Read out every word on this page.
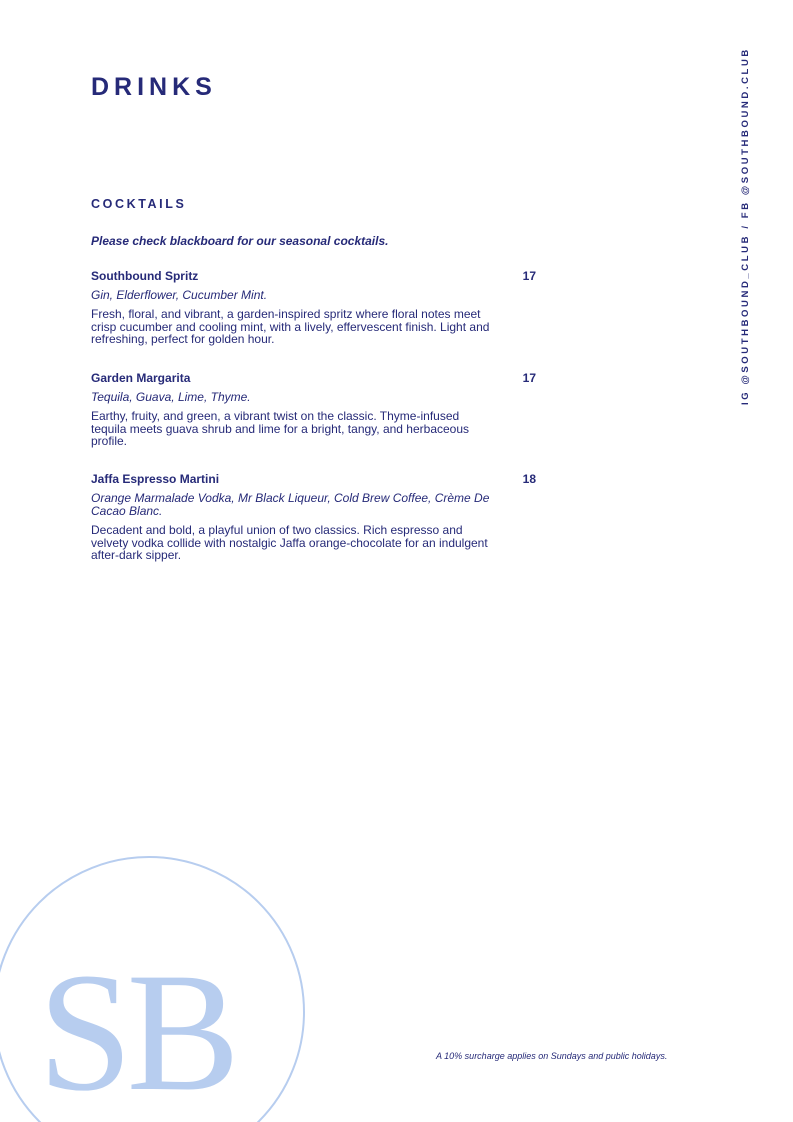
DRINKS	IG @SOUTHBOUND_CLUB / FB @SOUTHBOUND.CLUB
COCKTAILS
Please check blackboard for our seasonal cocktails.
Southbound Spritz	17
Gin, Elderflower, Cucumber Mint.
Fresh, floral, and vibrant, a garden-inspired spritz where floral notes meet crisp cucumber and cooling mint, with a lively, effervescent finish. Light and refreshing, perfect for golden hour.
Garden Margarita	17
Tequila, Guava, Lime, Thyme.
Earthy, fruity, and green, a vibrant twist on the classic. Thyme-infused tequila meets guava shrub and lime for a bright, tangy, and herbaceous profile.
Jaffa Espresso Martini	18
Orange Marmalade Vodka, Mr Black Liqueur, Cold Brew Coffee, Crème De Cacao Blanc.
Decadent and bold, a playful union of two classics. Rich espresso and velvety vodka collide with nostalgic Jaffa orange-chocolate for an indulgent after-dark sipper.
SB	A 10% surcharge applies on Sundays and public holidays.
